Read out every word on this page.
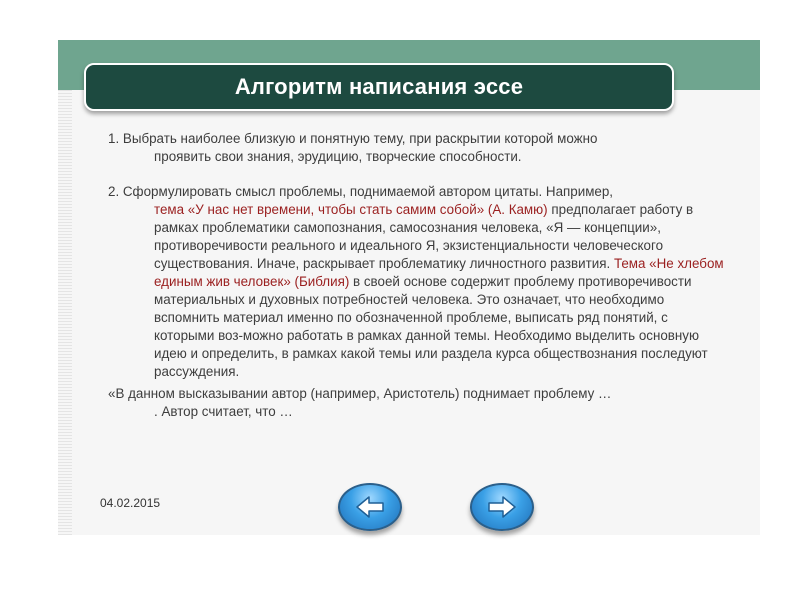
Алгоритм написания эссе

1. Выбрать наиболее близкую и понятную тему, при раскрытии которой можно
проявить свои знания, эрудицию, творческие способности.

2. Сформулировать смысл проблемы, поднимаемой автором цитаты. Например,
тема «У нас нет времени, чтобы стать самим собой» (А. Камю) предполагает работу в рамках проблематики самопознания, самосознания человека, «Я — концепции», противоречивости реального и идеального Я, экзистенциальности человеческого существования. Иначе, раскрывает проблематику личностного развития. Тема «Не хлебом единым жив человек» (Библия) в своей основе содержит проблему противоречивости материальных и духовных потребностей человека. Это означает, что необходимо вспомнить материал именно по обозначенной проблеме, выписать ряд понятий, с которыми воз-можно работать в рамках данной темы. Необходимо выделить основную идею и определить, в рамках какой темы или раздела курса обществознания последуют рассуждения.

«В данном высказывании автор (например, Аристотель) поднимает проблему …
. Автор считает, что …

04.02.2015
